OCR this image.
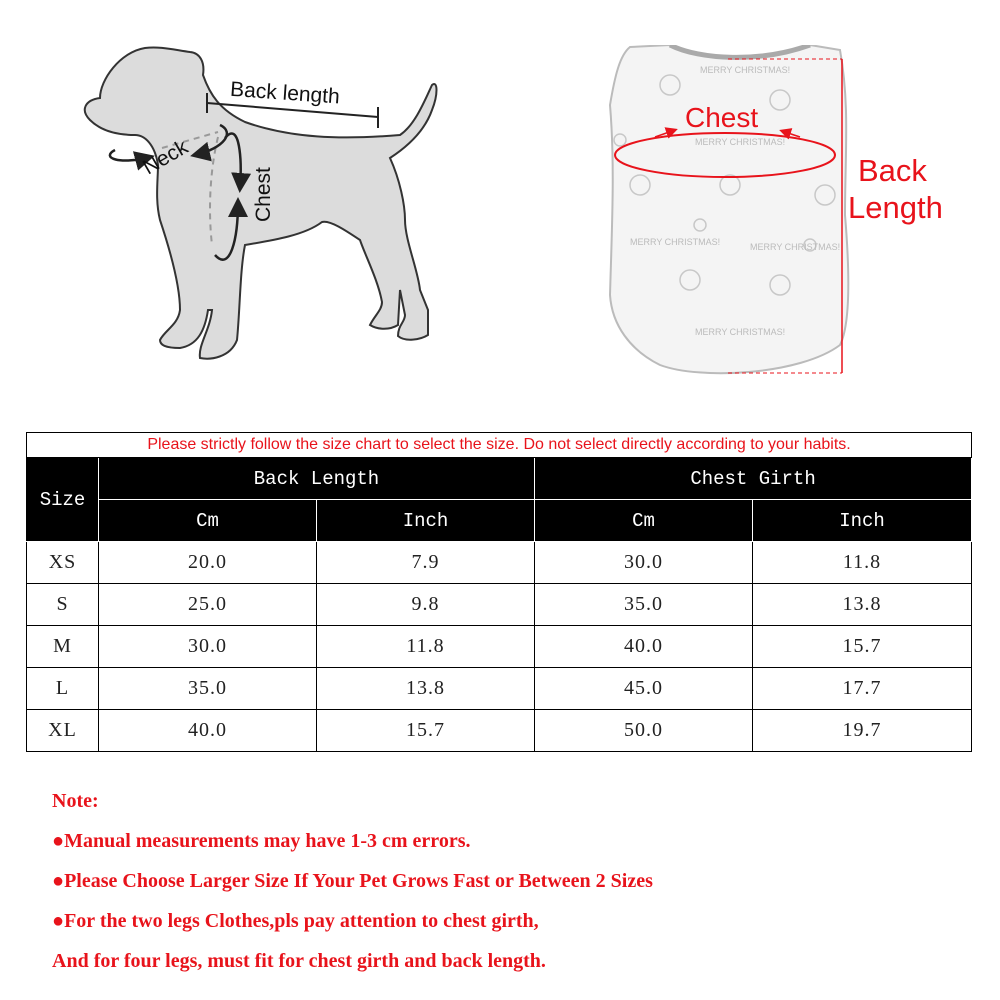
Back length
Neck
Chest
MERRY CHRISTMAS!
MERRY CHRISTMAS!
MERRY CHRISTMAS!	MERRY CHRISTMAS!
MERRY CHRISTMAS!
Chest
Back
Length
Please strictly follow the size chart to select the size. Do not select directly according to your habits.				
Size	Back Length		Chest Girth	
	Cm	Inch	Cm	Inch
XS	20.0	7.9	30.0	11.8
S	25.0	9.8	35.0	13.8
M	30.0	11.8	40.0	15.7
L	35.0	13.8	45.0	17.7
XL	40.0	15.7	50.0	19.7
Note:
●Manual measurements may have 1-3 cm errors.
●Please Choose Larger Size If Your Pet Grows Fast or Between 2 Sizes
●For the two legs Clothes,pls pay attention to chest girth,
And for four legs, must fit for chest girth and back length.
